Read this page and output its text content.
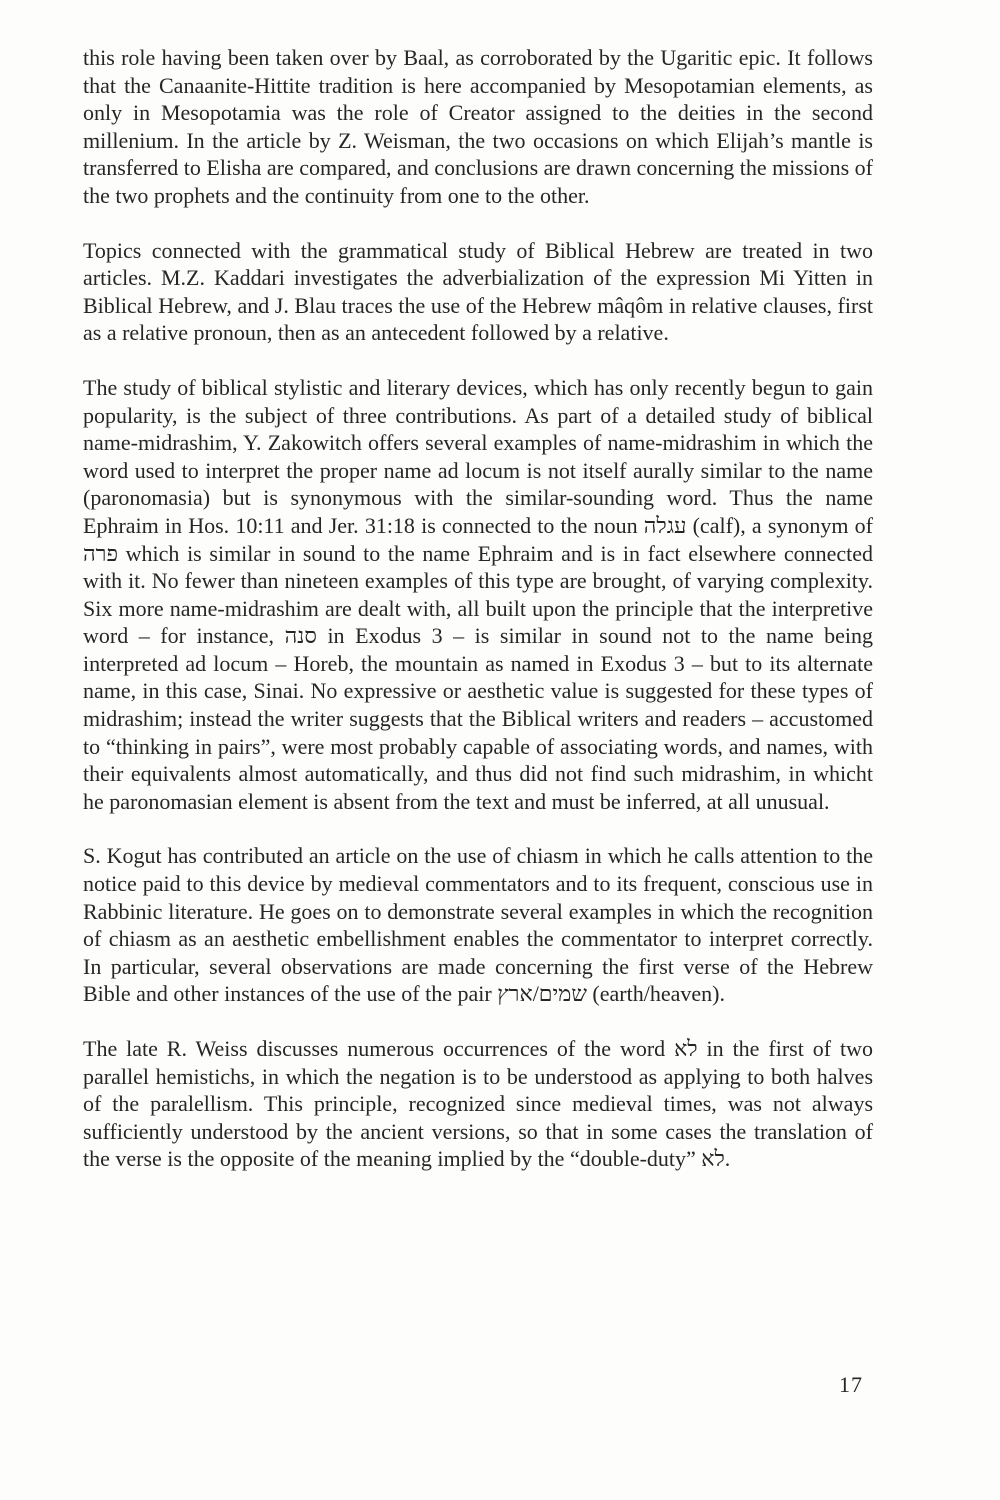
this role having been taken over by Baal, as corroborated by the Ugaritic epic. It follows that the Canaanite-Hittite tradition is here accompanied by Mesopotamian elements, as only in Mesopotamia was the role of Creator assigned to the deities in the second millenium. In the article by Z. Weisman, the two occasions on which Elijah’s mantle is transferred to Elisha are compared, and conclusions are drawn concerning the missions of the two prophets and the continuity from one to the other.

Topics connected with the grammatical study of Biblical Hebrew are treated in two articles. M.Z. Kaddari investigates the adverbialization of the expression Mi Yitten in Biblical Hebrew, and J. Blau traces the use of the Hebrew mâqôm in relative clauses, first as a relative pronoun, then as an antecedent followed by a relative.

The study of biblical stylistic and literary devices, which has only recently begun to gain popularity, is the subject of three contributions. As part of a detailed study of biblical name-midrashim, Y. Zakowitch offers several examples of name-midrashim in which the word used to interpret the proper name ad locum is not itself aurally similar to the name (paronomasia) but is synonymous with the similar-sounding word. Thus the name Ephraim in Hos. 10:11 and Jer. 31:18 is connected to the noun עגלה (calf), a synonym of פרה which is similar in sound to the name Ephraim and is in fact elsewhere connected with it. No fewer than nineteen examples of this type are brought, of varying complexity. Six more name-midrashim are dealt with, all built upon the principle that the interpretive word – for instance, סנה in Exodus 3 – is similar in sound not to the name being interpreted ad locum – Horeb, the mountain as named in Exodus 3 – but to its alternate name, in this case, Sinai. No expressive or aesthetic value is suggested for these types of midrashim; instead the writer suggests that the Biblical writers and readers – accustomed to “thinking in pairs”, were most probably capable of associating words, and names, with their equivalents almost automatically, and thus did not find such midrashim, in whicht he paronomasian element is absent from the text and must be inferred, at all unusual.

S. Kogut has contributed an article on the use of chiasm in which he calls attention to the notice paid to this device by medieval commentators and to its frequent, conscious use in Rabbinic literature. He goes on to demonstrate several examples in which the recognition of chiasm as an aesthetic embellishment enables the commentator to interpret correctly. In particular, several observations are made concerning the first verse of the Hebrew Bible and other instances of the use of the pair שמים/ארץ (earth/heaven).

The late R. Weiss discusses numerous occurrences of the word לא in the first of two parallel hemistichs, in which the negation is to be understood as applying to both halves of the paralellism. This principle, recognized since medieval times, was not always sufficiently understood by the ancient versions, so that in some cases the translation of the verse is the opposite of the meaning implied by the “double-duty” לא.

17
